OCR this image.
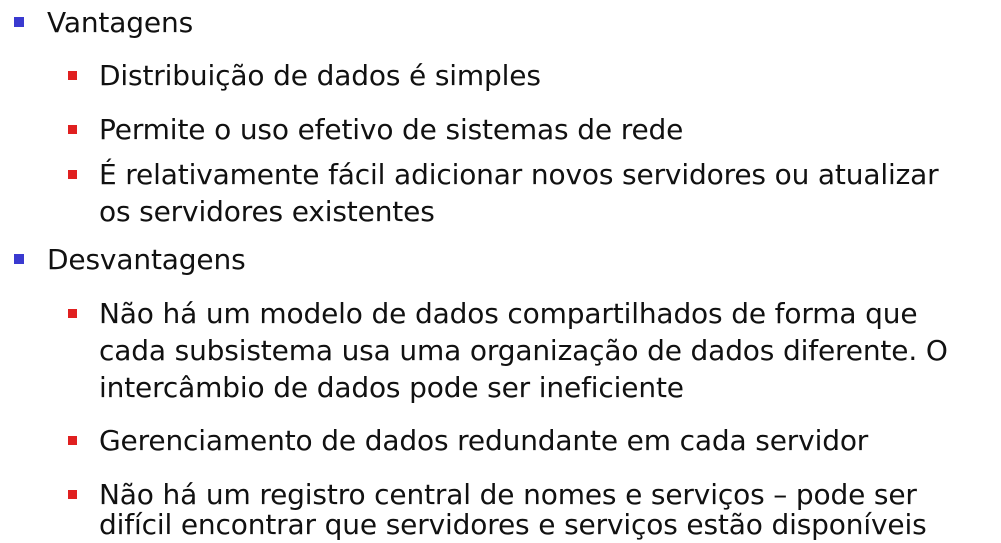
Vantagens
Distribuição de dados é simples
Permite o uso efetivo de sistemas de rede
É relativamente fácil adicionar novos servidores ou atualizar
os servidores existentes
Desvantagens
Não há um modelo de dados compartilhados de forma que
cada subsistema usa uma organização de dados diferente. O
intercâmbio de dados pode ser ineficiente
Gerenciamento de dados redundante em cada servidor
Não há um registro central de nomes e serviços – pode ser
difícil encontrar que servidores e serviços estão disponíveis
